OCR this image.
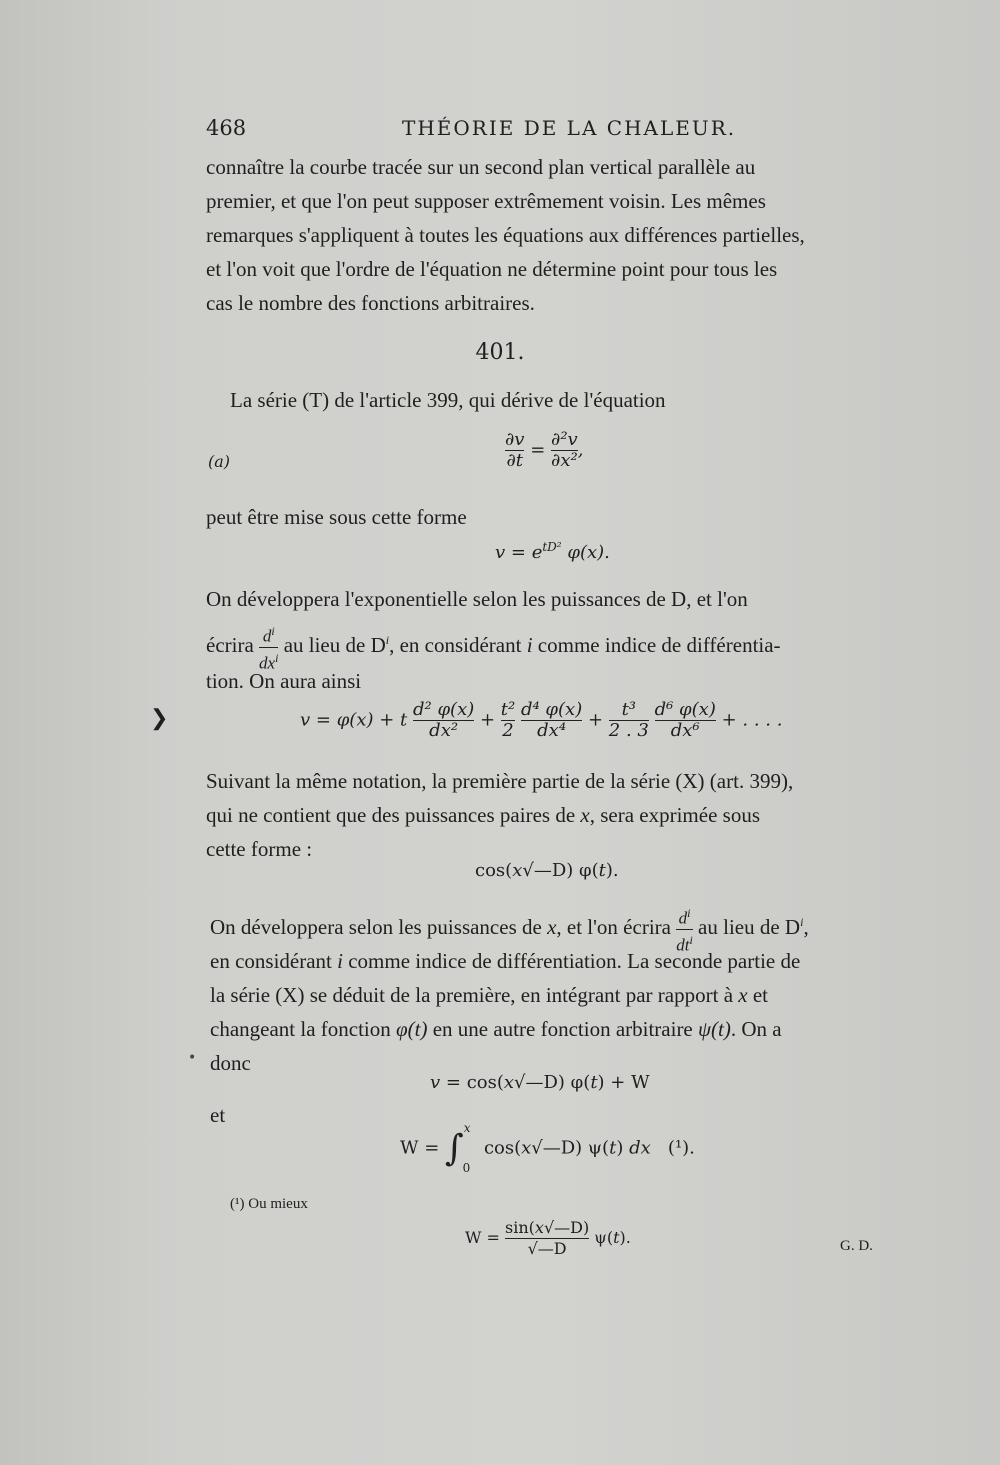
468	THÉORIE DE LA CHALEUR.
connaître la courbe tracée sur un second plan vertical parallèle au
premier, et que l'on peut supposer extrêmement voisin. Les mêmes
remarques s'appliquent à toutes les équations aux différences partielles,
et l'on voit que l'ordre de l'équation ne détermine point pour tous les
cas le nombre des fonctions arbitraires.
401.
La série (T) de l'article 399, qui dérive de l'équation
(a)	$\frac{\partial v}{\partial t} = \frac{\text{∂²v}}{\text{∂x²}}$ ,
peut être mise sous cette forme
$v = e^{tD^2}$ φ(x).
On développera l'exponentielle selon les puissances de D, et l'on
écrira $\frac{d^i}{dx^i}$ au lieu de $D^i$, en considérant i comme indice de différentia-
tion. On aura ainsi
❯	v = φ(x) + t $\frac{\text{d² φ(x)}}{\text{dx²}} + \frac{\text{t²}}{2}$
$\frac{\text{d⁴ φ(x)}}{\text{dx⁴}} + \frac{\text{t³}}{2 . 3}$
$\frac{\text{d⁶ φ(x)}}{\text{dx⁶}}$ + . . . .
Suivant la même notation, la première partie de la série (X) (art. 399),
qui ne contient que des puissances paires de x, sera exprimée sous
cette forme :
cos(x√—D) φ(t).
On développera selon les puissances de x, et l'on écrira $\frac{d^i}{dt^i}$ au lieu de $D^i$,
en considérant i comme indice de différentiation. La seconde partie de
la série (X) se déduit de la première, en intégrant par rapport à x et
changeant la fonction φ(t) en une autre fonction arbitraire ψ(t). On a
donc
•
v = cos(x√—D) φ(t) + W
et
W = ∫$^x_0$ cos(x√—D) ψ(t) dx   (¹).
(¹) Ou mieux
$W = \frac{\sin(x√—D)}{√—D} \psi(t)$.	G. D.
